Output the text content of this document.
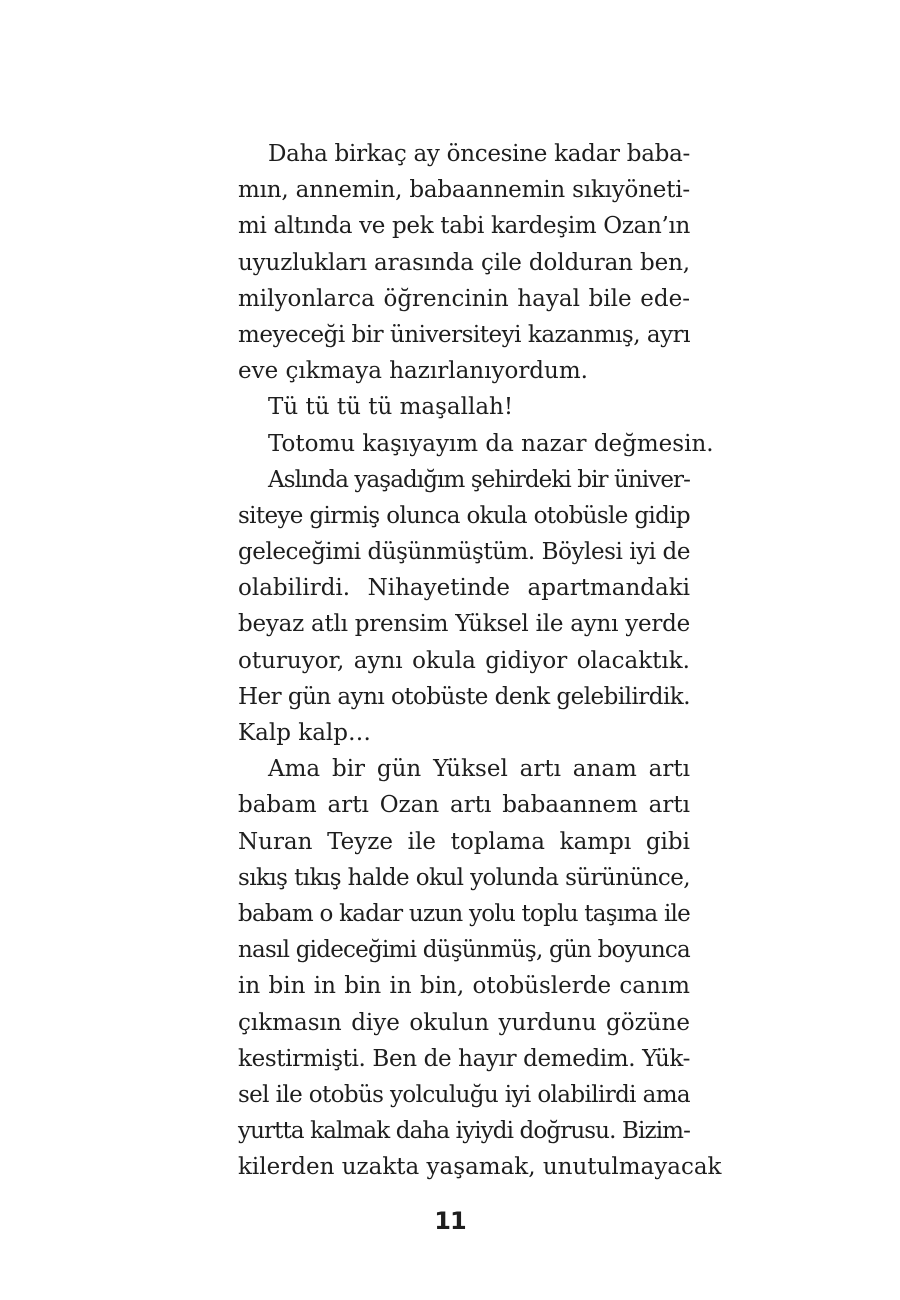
Daha birkaç ay öncesine kadar baba-
mın, annemin, babaannemin sıkıyöneti-
mi altında ve pek tabi kardeşim Ozan’ın
uyuzlukları arasında çile dolduran ben,
milyonlarca öğrencinin hayal bile ede-
meyeceği bir üniversiteyi kazanmış, ayrı
eve çıkmaya hazırlanıyordum.
Tü tü tü tü maşallah!
Totomu kaşıyayım da nazar değmesin.
Aslında yaşadığım şehirdeki bir üniver-
siteye girmiş olunca okula otobüsle gidip
geleceğimi düşünmüştüm. Böylesi iyi de
olabilirdi. Nihayetinde apartmandaki
beyaz atlı prensim Yüksel ile aynı yerde
oturuyor, aynı okula gidiyor olacaktık.
Her gün aynı otobüste denk gelebilirdik.
Kalp kalp…
Ama bir gün Yüksel artı anam artı
babam artı Ozan artı babaannem artı
Nuran Teyze ile toplama kampı gibi
sıkış tıkış halde okul yolunda sürününce,
babam o kadar uzun yolu toplu taşıma ile
nasıl gideceğimi düşünmüş, gün boyunca
in bin in bin in bin, otobüslerde canım
çıkmasın diye okulun yurdunu gözüne
kestirmişti. Ben de hayır demedim. Yük-
sel ile otobüs yolculuğu iyi olabilirdi ama
yurtta kalmak daha iyiydi doğrusu. Bizim-
kilerden uzakta yaşamak, unutulmayacak
11
